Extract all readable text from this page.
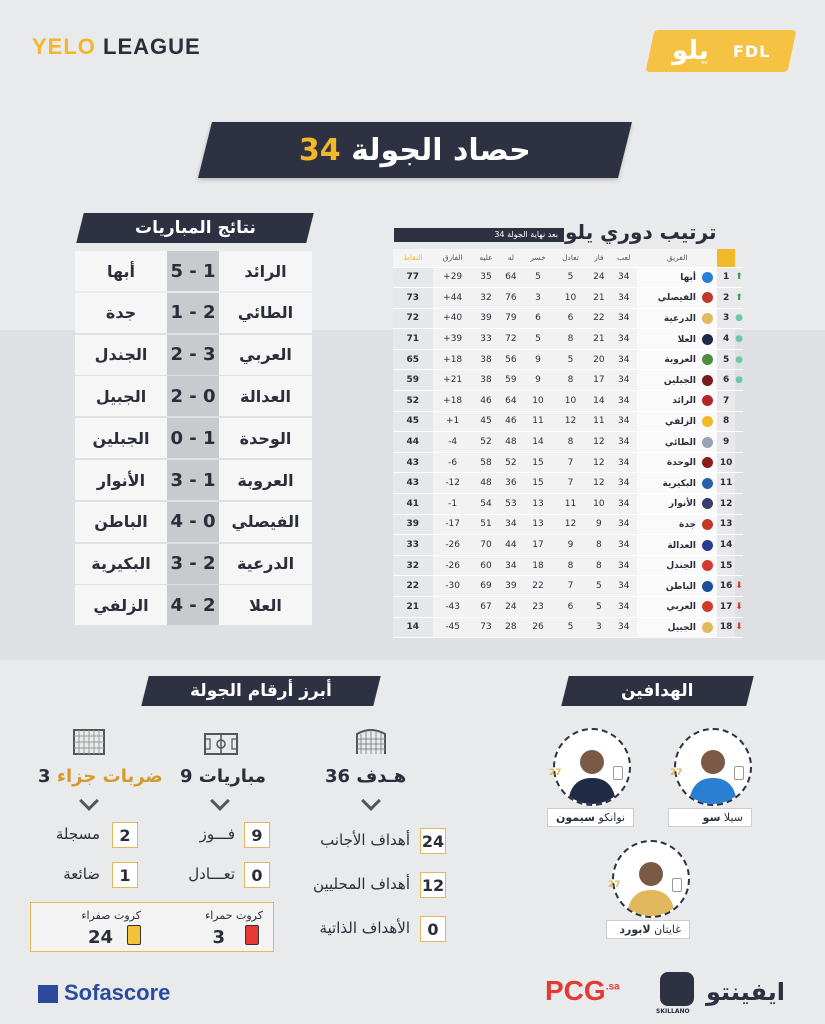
YELO LEAGUE	يلو FDL
حصاد الجولة 34
نتائج المباريات
أبها	5 - 1	الرائد
جدة	1 - 2	الطائي
الجندل	2 - 3	العربي
الجبيل	2 - 0	العدالة
الجبلين	0 - 1	الوحدة
الأنوار	3 - 1	العروبة
الباطن	4 - 0 الفيصلي
البكيرية	3 - 2	الدرعية
الزلفي	4 - 2	العلا
ترتيب دوري يلو
بعد نهاية الجولة 34
		الفريق	لعب	فاز	تعادل	خسر	له	عليه	الفارق	النقاط
⬆	1	أبها	34	24	5	5	64	35	+29	77
⬆	2	الفيصلي	34	21	10	3	76	32	+44	73
●	3	الدرعية	34	22	6	6	79	39	+40	72
●	4	العلا	34	21	8	5	72	33	+39	71
●	5	العروبة	34	20	5	9	56	38	+18	65
●	6	الجبلين	34	17	8	9	59	38	+21	59
	7	الرائد	34	14	10	10	64	46	+18	52
	8	الزلفي	34	11	12	11	46	45	+1	45
	9	الطائي	34	12	8	14	48	52	-4	44
	10	الوحدة	34	12	7	15	52	58	-6	43
	11	البكيرية	34	12	7	15	36	48	-12	43
	12	الأنوار	34	10	11	13	53	54	-1	41
	13	جدة	34	9	12	13	34	51	-17	39
	14	العدالة	34	8	9	17	44	70	-26	33
	15	الجندل	34	8	8	18	34	60	-26	32
⬇	16	الباطن	34	5	7	22	39	69	-30	22
⬇	17	العربي	34	5	6	23	24	67	-43	21
⬇	18	الجبيل	34	3	5	26	28	73	-45	14
أبرز أرقام الجولة
36 هـدف
9 مباريات
3 ضربات جزاء
24
أهداف الأجانب
12
أهداف المحليين
0
الأهداف الذاتية
9
فـــوز
0
تعـــادل
2
مسجلة
1
ضائعة
كروت حمراء
3
كروت صفراء
24
الهدافين
27
سيلا سو
27
نوانكو سيمون
27
غايتان لابورد
Sofascore	$PCG^{.sa}$
SKILLANO
ايفينتو
